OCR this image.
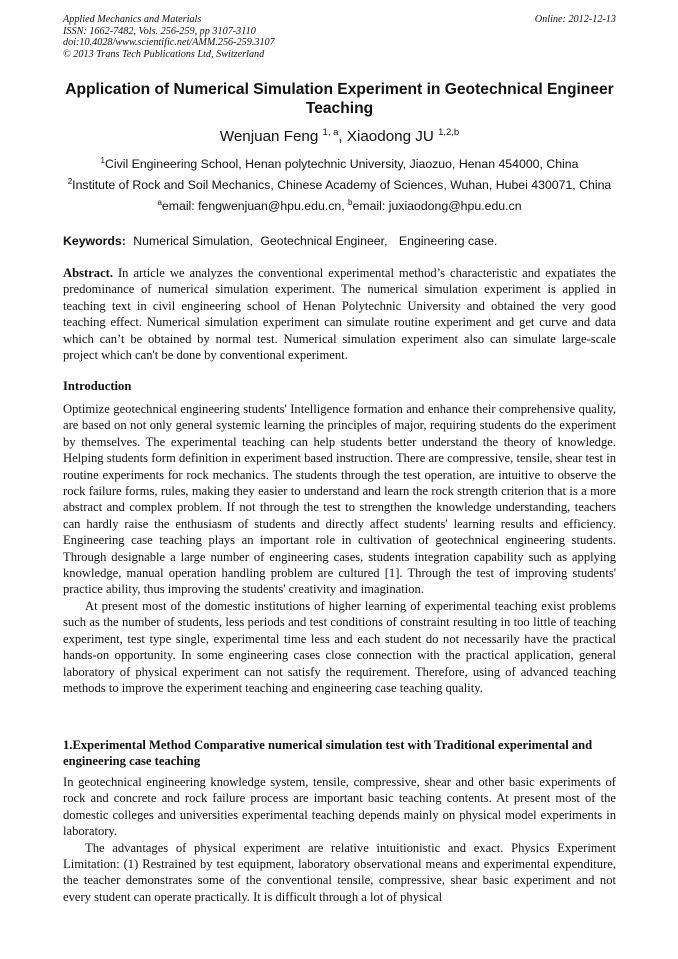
Applied Mechanics and Materials
ISSN: 1662-7482, Vols. 256-259, pp 3107-3110
doi:10.4028/www.scientific.net/AMM.256-259.3107
© 2013 Trans Tech Publications Ltd, Switzerland
Online: 2012-12-13
Application of Numerical Simulation Experiment in Geotechnical Engineer Teaching
Wenjuan Feng $^{1, a}$, Xiaodong JU $^{1,2,b}$
$^1$Civil Engineering School, Henan polytechnic University, Jiaozuo, Henan 454000, China
$^2$Institute of Rock and Soil Mechanics, Chinese Academy of Sciences, Wuhan, Hubei 430071, China
$^a$email: fengwenjuan@hpu.edu.cn, $^b$email: juxiaodong@hpu.edu.cn
Keywords: Numerical Simulation, Geotechnical Engineer, Engineering case.

Abstract. In article we analyzes the conventional experimental method’s characteristic and expatiates the predominance of numerical simulation experiment. The numerical simulation experiment is applied in teaching text in civil engineering school of Henan Polytechnic University and obtained the very good teaching effect. Numerical simulation experiment can simulate routine experiment and get curve and data which can’t be obtained by normal test. Numerical simulation experiment also can simulate large-scale project which can't be done by conventional experiment.

Introduction

Optimize geotechnical engineering students' Intelligence formation and enhance their comprehensive quality, are based on not only general systemic learning the principles of major, requiring students do the experiment by themselves. The experimental teaching can help students better understand the theory of knowledge. Helping students form definition in experiment based instruction. There are compressive, tensile, shear test in routine experiments for rock mechanics. The students through the test operation, are intuitive to observe the rock failure forms, rules, making they easier to understand and learn the rock strength criterion that is a more abstract and complex problem. If not through the test to strengthen the knowledge understanding, teachers can hardly raise the enthusiasm of students and directly affect students' learning results and efficiency. Engineering case teaching plays an important role in cultivation of geotechnical engineering students. Through designable a large number of engineering cases, students integration capability such as applying knowledge, manual operation handling problem are cultured [1]. Through the test of improving students' practice ability, thus improving the students' creativity and imagination.

At present most of the domestic institutions of higher learning of experimental teaching exist problems such as the number of students, less periods and test conditions of constraint resulting in too little of teaching experiment, test type single, experimental time less and each student do not necessarily have the practical hands-on opportunity. In some engineering cases close connection with the practical application, general laboratory of physical experiment can not satisfy the requirement. Therefore, using of advanced teaching methods to improve the experiment teaching and engineering case teaching quality.

1.Experimental Method Comparative numerical simulation test with Traditional experimental and engineering case teaching

In geotechnical engineering knowledge system, tensile, compressive, shear and other basic experiments of rock and concrete and rock failure process are important basic teaching contents. At present most of the domestic colleges and universities experimental teaching depends mainly on physical model experiments in laboratory.

The advantages of physical experiment are relative intuitionistic and exact. Physics Experiment Limitation: (1) Restrained by test equipment, laboratory observational means and experimental expenditure, the teacher demonstrates some of the conventional tensile, compressive, shear basic experiment and not every student can operate practically. It is difficult through a lot of physical
